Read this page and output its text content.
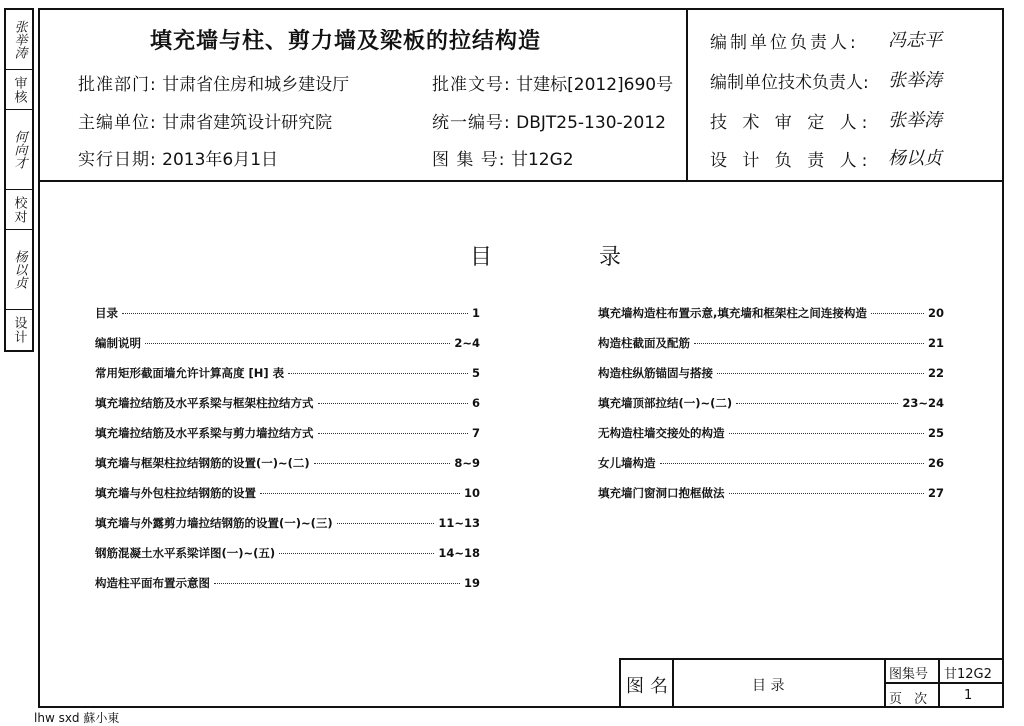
张举涛
审核
何向才
校对
杨以贞
设计
填充墙与柱、剪力墙及梁板的拉结构造
批准部门: 甘肃省住房和城乡建设厅
主编单位: 甘肃省建筑设计研究院
实行日期: 2013年6月1日
批准文号: 甘建标[2012]690号
统一编号: DBJT25-130-2012
图 集 号: 甘12G2
编制单位负责人: 冯志平
编制单位技术负责人: 张举涛
技 术 审 定 人: 张举涛
设 计 负 责 人: 杨以贞
目 录
目录	1
编制说明	2~4
常用矩形截面墙允许计算高度 [H] 表	5
填充墙拉结筋及水平系梁与框架柱拉结方式	6
填充墙拉结筋及水平系梁与剪力墙拉结方式	7
填充墙与框架柱拉结钢筋的设置(一)~(二)	8~9
填充墙与外包柱拉结钢筋的设置	10
填充墙与外露剪力墙拉结钢筋的设置(一)~(三)	11~13
钢筋混凝土水平系梁详图(一)~(五)	14~18
构造柱平面布置示意图	19
填充墙构造柱布置示意,填充墙和框架柱之间连接构造	20
构造柱截面及配筋	21
构造柱纵筋锚固与搭接	22
填充墙顶部拉结(一)~(二)	23~24
无构造柱墙交接处的构造	25
女儿墙构造	26
填充墙门窗洞口抱框做法	27
图名	目 录
图集号 甘12G2
页 次	1
lhw sxd 蘇小東
